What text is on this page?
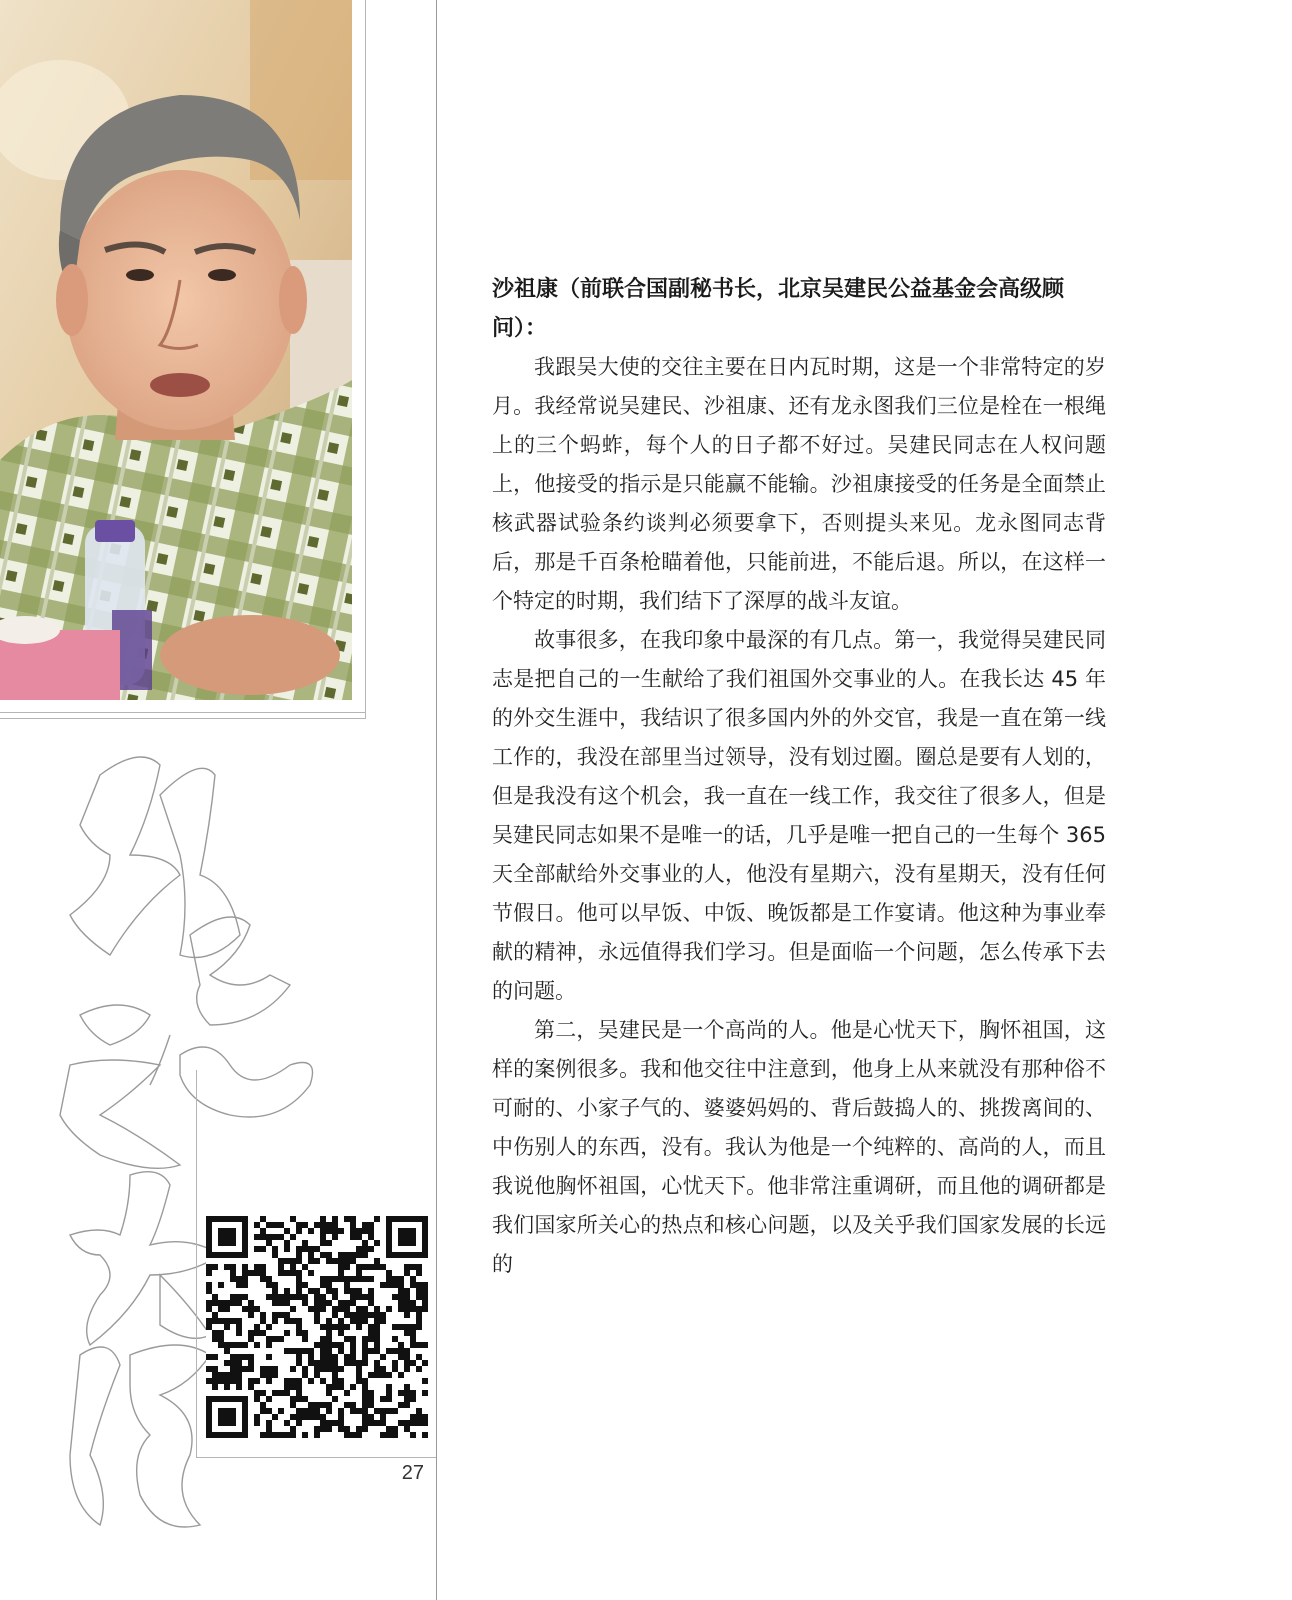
27

沙祖康（前联合国副秘书长，北京吴建民公益基金会高级顾问）：

我跟吴大使的交往主要在日内瓦时期，这是一个非常特定的岁月。我经常说吴建民、沙祖康、还有龙永图我们三位是栓在一根绳上的三个蚂蚱，每个人的日子都不好过。吴建民同志在人权问题上，他接受的指示是只能赢不能输。沙祖康接受的任务是全面禁止核武器试验条约谈判必须要拿下，否则提头来见。龙永图同志背后，那是千百条枪瞄着他，只能前进，不能后退。所以，在这样一个特定的时期，我们结下了深厚的战斗友谊。

故事很多，在我印象中最深的有几点。第一，我觉得吴建民同志是把自己的一生献给了我们祖国外交事业的人。在我长达 45 年的外交生涯中，我结识了很多国内外的外交官，我是一直在第一线工作的，我没在部里当过领导，没有划过圈。圈总是要有人划的，但是我没有这个机会，我一直在一线工作，我交往了很多人，但是吴建民同志如果不是唯一的话，几乎是唯一把自己的一生每个 365 天全部献给外交事业的人，他没有星期六，没有星期天，没有任何节假日。他可以早饭、中饭、晚饭都是工作宴请。他这种为事业奉献的精神，永远值得我们学习。但是面临一个问题，怎么传承下去的问题。

第二，吴建民是一个高尚的人。他是心忧天下，胸怀祖国，这样的案例很多。我和他交往中注意到，他身上从来就没有那种俗不可耐的、小家子气的、婆婆妈妈的、背后鼓捣人的、挑拨离间的、中伤别人的东西，没有。我认为他是一个纯粹的、高尚的人，而且我说他胸怀祖国，心忧天下。他非常注重调研，而且他的调研都是我们国家所关心的热点和核心问题，以及关乎我们国家发展的长远的
